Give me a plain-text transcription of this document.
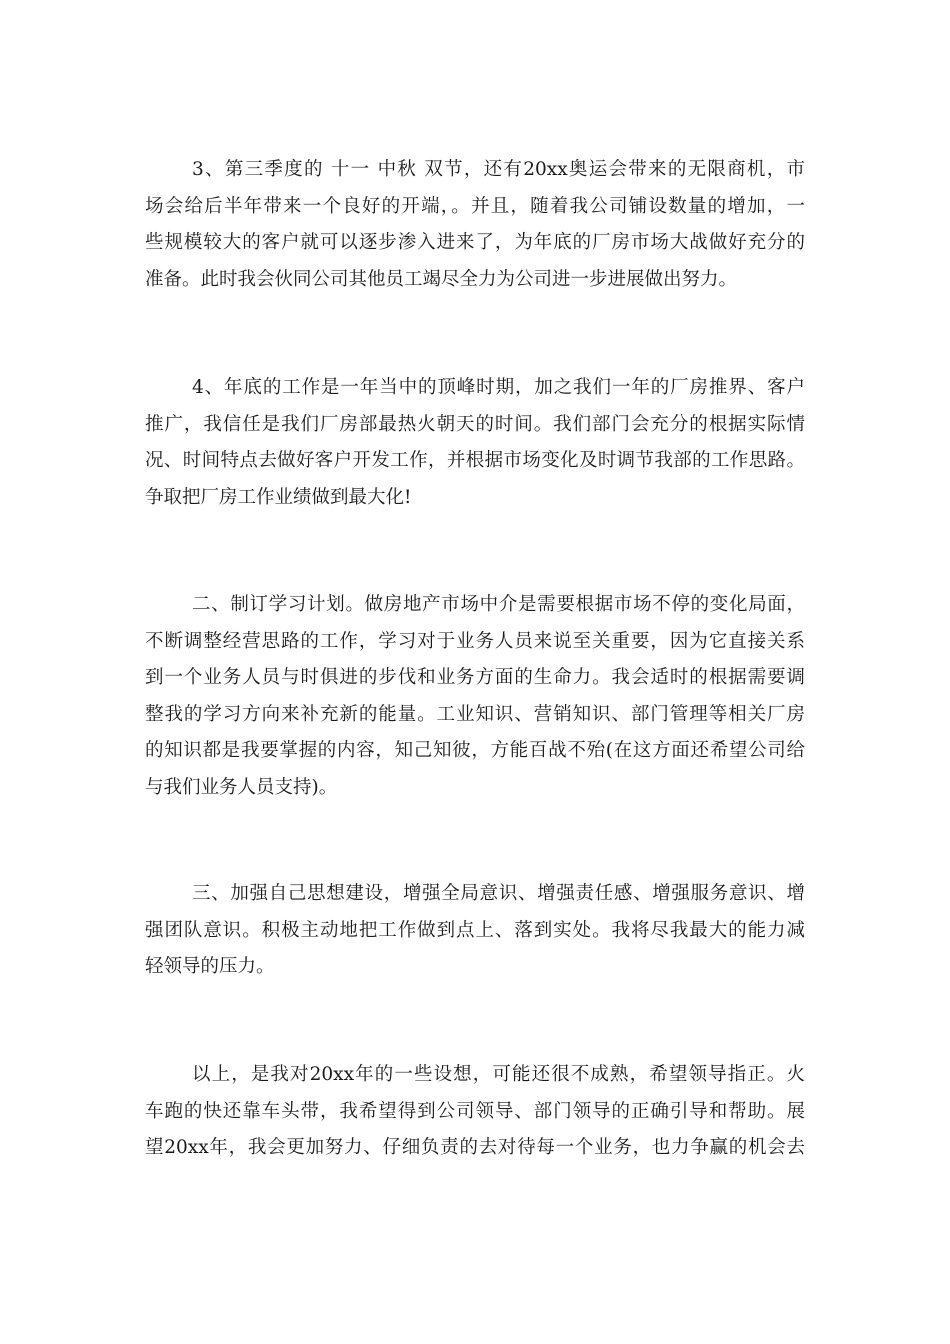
3、第三季度的 十一 中秋 双节，还有20xx奥运会带来的无限商机，市
场会给后半年带来一个良好的开端，。并且，随着我公司铺设数量的增加，一
些规模较大的客户就可以逐步渗入进来了，为年底的厂房市场大战做好充分的
准备。此时我会伙同公司其他员工竭尽全力为公司进一步进展做出努力。
4、年底的工作是一年当中的顶峰时期，加之我们一年的厂房推界、客户
推广，我信任是我们厂房部最热火朝天的时间。我们部门会充分的根据实际情
况、时间特点去做好客户开发工作，并根据市场变化及时调节我部的工作思路。
争取把厂房工作业绩做到最大化!
二、制订学习计划。做房地产市场中介是需要根据市场不停的变化局面，
不断调整经营思路的工作，学习对于业务人员来说至关重要，因为它直接关系
到一个业务人员与时俱进的步伐和业务方面的生命力。我会适时的根据需要调
整我的学习方向来补充新的能量。工业知识、营销知识、部门管理等相关厂房
的知识都是我要掌握的内容，知己知彼，方能百战不殆(在这方面还希望公司给
与我们业务人员支持)。
三、加强自己思想建设，增强全局意识、增强责任感、增强服务意识、增
强团队意识。积极主动地把工作做到点上、落到实处。我将尽我最大的能力减
轻领导的压力。
以上，是我对20xx年的一些设想，可能还很不成熟，希望领导指正。火
车跑的快还靠车头带，我希望得到公司领导、部门领导的正确引导和帮助。展
望20xx年，我会更加努力、仔细负责的去对待每一个业务，也力争赢的机会去
